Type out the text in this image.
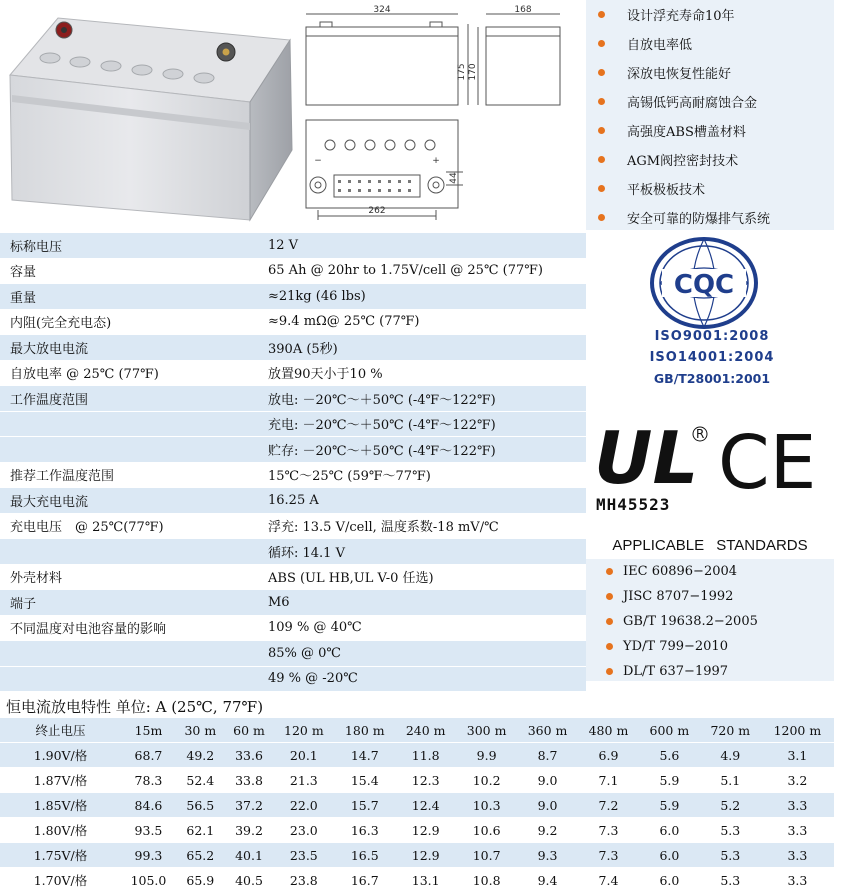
324	168
175 170
262
44
−	+
设计浮充寿命10年
自放电率低
深放电恢复性能好
高锡低钙高耐腐蚀合金
高强度ABS槽盖材料
AGM阀控密封技术
平板极板技术
安全可靠的防爆排气系统
标称电压	12 V
容量	65 Ah @ 20hr to 1.75V/cell @ 25℃ (77℉)
重量	≈21kg (46 lbs)
内阻(完全充电态)	≈9.4 mΩ@ 25℃ (77℉)
最大放电电流	390A (5秒)
自放电率 @ 25℃ (77℉)	放置90天小于10 %
工作温度范围	放电: －20℃～＋50℃ (-4℉～122℉)
	充电: －20℃～＋50℃ (-4℉～122℉)
	贮存: －20℃～＋50℃ (-4℉～122℉)
推荐工作温度范围	15℃～25℃ (59℉～77℉)
最大充电电流	16.25 A
充电电压　@ 25℃(77℉)	浮充: 13.5 V/cell, 温度系数-18 mV/℃
	循环: 14.1 V
外壳材料	ABS (UL HB,UL V-0 任选)
端子	M6
不同温度对电池容量的影响	109 % @ 40℃
	85% @ 0℃
	49 % @ -20℃
CQC
ISO9001:2008
ISO14001:2004
GB/T28001:2001
UL
R CE
MH45523
APPLICABLE STANDARDS
IEC 60896−2004
JISC 8707−1992
GB/T 19638.2−2005
YD/T 799−2010
DL/T 637−1997
恒电流放电特性 单位: A (25℃, 77℉)
终止电压	15m	30 m	60 m	120 m	180 m	240 m	300 m	360 m	480 m	600 m	720 m	1200 m
1.90V/格	68.7	49.2	33.6	20.1	14.7	11.8	9.9	8.7	6.9	5.6	4.9	3.1
1.87V/格	78.3	52.4	33.8	21.3	15.4	12.3	10.2	9.0	7.1	5.9	5.1	3.2
1.85V/格	84.6	56.5	37.2	22.0	15.7	12.4	10.3	9.0	7.2	5.9	5.2	3.3
1.80V/格	93.5	62.1	39.2	23.0	16.3	12.9	10.6	9.2	7.3	6.0	5.3	3.3
1.75V/格	99.3	65.2	40.1	23.5	16.5	12.9	10.7	9.3	7.3	6.0	5.3	3.3
1.70V/格	105.0	65.9	40.5	23.8	16.7	13.1	10.8	9.4	7.4	6.0	5.3	3.3
